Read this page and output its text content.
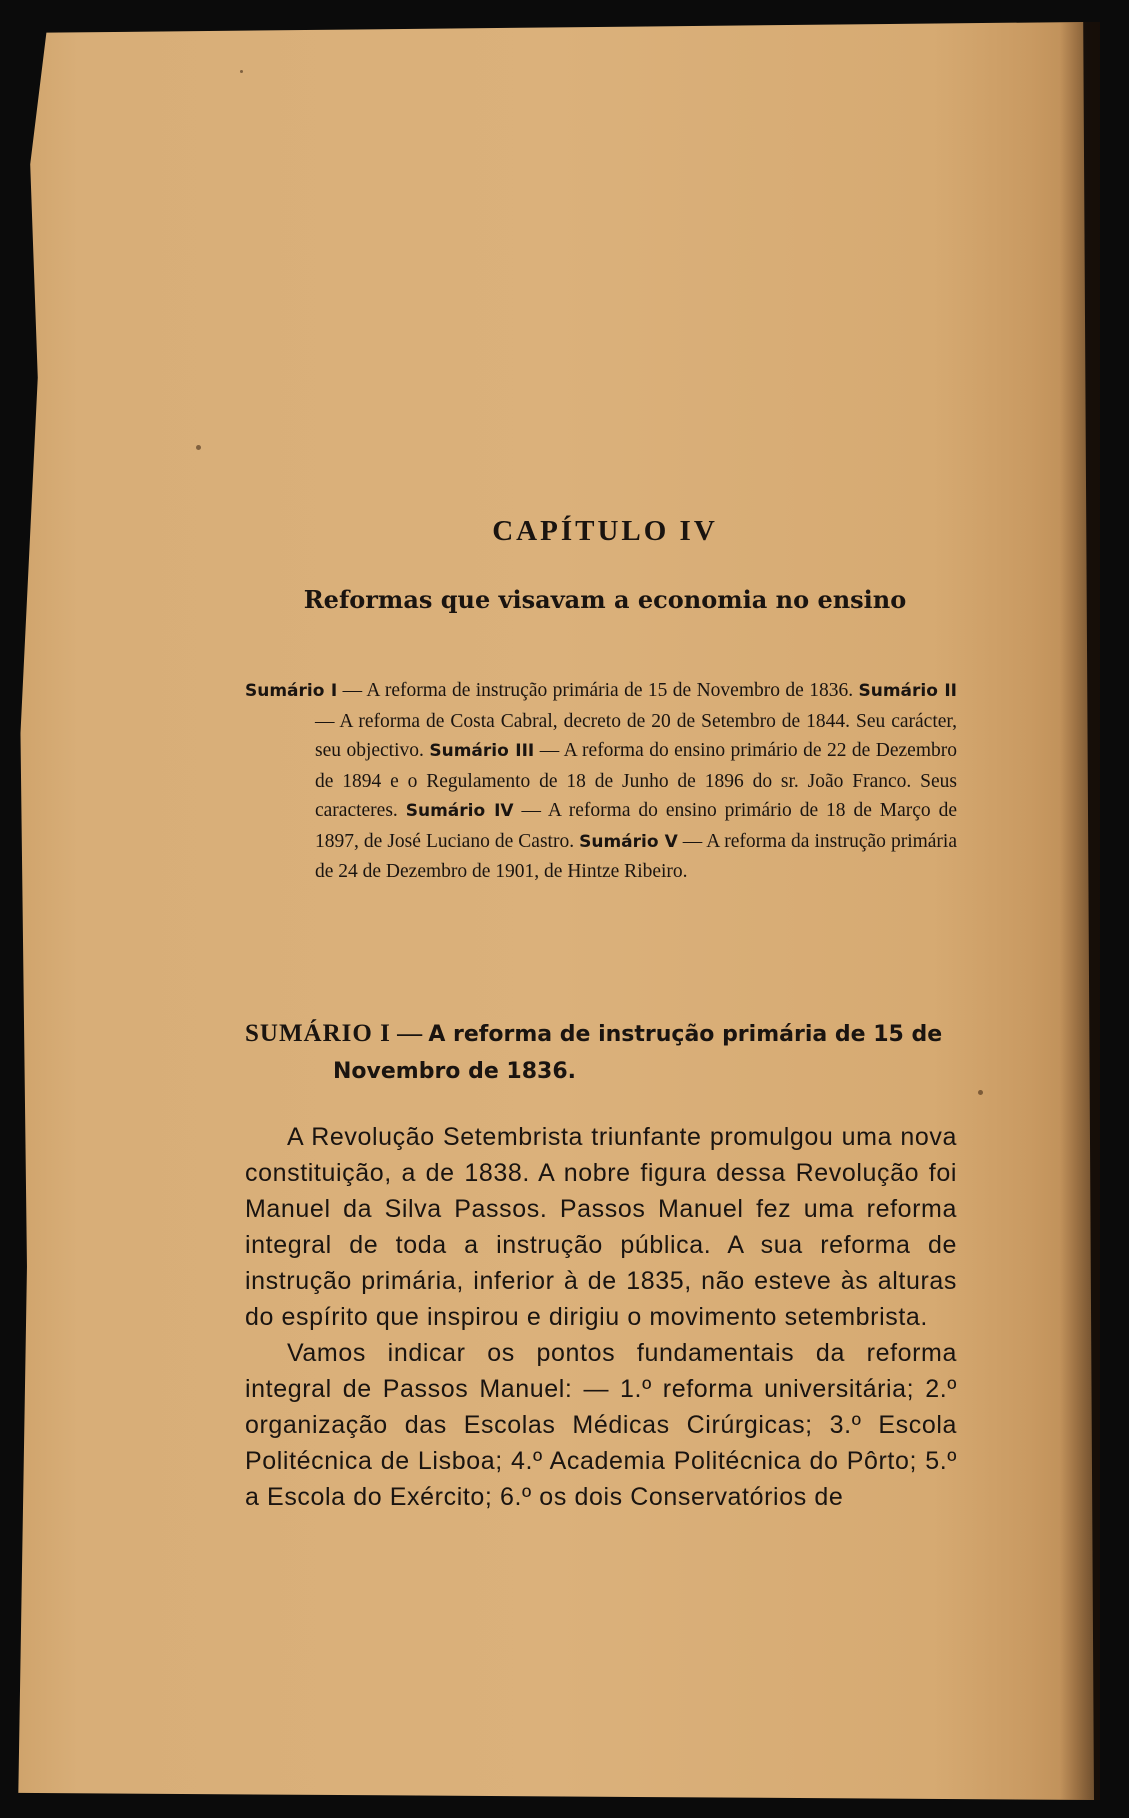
CAPÍTULO IV
Reformas que visavam a economia no ensino

Sumário I — A reforma de instrução primária de 15 de Novembro de 1836. Sumário II — A reforma de Costa Cabral, decreto de 20 de Setembro de 1844. Seu carácter, seu objectivo. Sumário III — A reforma do ensino primário de 22 de Dezembro de 1894 e o Regulamento de 18 de Junho de 1896 do sr. João Franco. Seus caracteres. Sumário IV — A reforma do ensino primário de 18 de Março de 1897, de José Luciano de Castro. Sumário V — A reforma da instrução primária de 24 de Dezembro de 1901, de Hintze Ribeiro.

SUMÁRIO I — A reforma de instrução primária de 15 de Novembro de 1836.

A Revolução Setembrista triunfante promulgou uma nova constituição, a de 1838. A nobre figura dessa Revolução foi Manuel da Silva Passos. Passos Manuel fez uma reforma integral de toda a instrução pública. A sua reforma de instrução primária, inferior à de 1835, não esteve às alturas do espírito que inspirou e dirigiu o movimento setembrista.

Vamos indicar os pontos fundamentais da reforma integral de Passos Manuel: — 1.º reforma universitária; 2.º organização das Escolas Médicas Cirúrgicas; 3.º Escola Politécnica de Lisboa; 4.º Academia Politécnica do Pôrto; 5.º a Escola do Exército; 6.º os dois Conservatórios de
